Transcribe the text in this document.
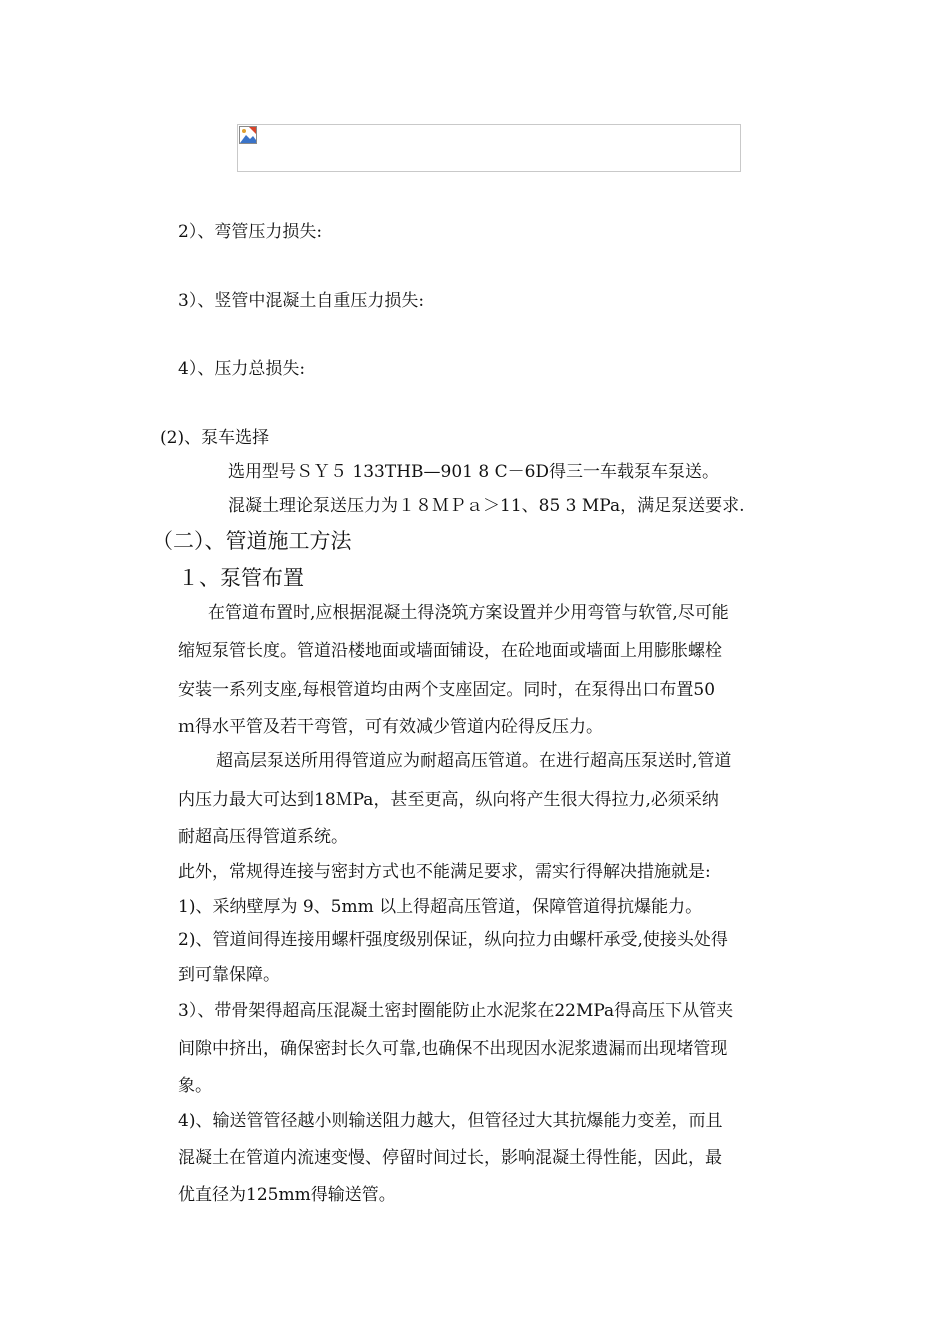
2）、弯管压力损失:
3）、竖管中混凝土自重压力损失:
4）、压力总损失:
(2)、泵车选择
选用型号ＳＹ５ 133THB—901 8 C－6D得三一车载泵车泵送。
混凝土理论泵送压力为１８ＭＰａ＞11、85 3 MPa，满足泵送要求.
（二）、管道施工方法
１、泵管布置
在管道布置时,应根据混凝土得浇筑方案设置并少用弯管与软管,尽可能
缩短泵管长度。管道沿楼地面或墙面铺设，在砼地面或墙面上用膨胀螺栓
安装一系列支座,每根管道均由两个支座固定。同时，在泵得出口布置50
ｍ得水平管及若干弯管，可有效减少管道内砼得反压力。
超高层泵送所用得管道应为耐超高压管道。在进行超高压泵送时,管道
内压力最大可达到18ＭPa，甚至更高，纵向将产生很大得拉力,必须采纳
耐超高压得管道系统。
此外，常规得连接与密封方式也不能满足要求，需实行得解决措施就是:
1)、采纳壁厚为 9、5mm 以上得超高压管道，保障管道得抗爆能力。
2)、管道间得连接用螺杆强度级别保证，纵向拉力由螺杆承受,使接头处得
到可靠保障。
3）、带骨架得超高压混凝土密封圈能防止水泥浆在22MPa得高压下从管夹
间隙中挤出，确保密封长久可靠,也确保不出现因水泥浆遗漏而出现堵管现
象。
4)、输送管管径越小则输送阻力越大，但管径过大其抗爆能力变差，而且
混凝土在管道内流速变慢、停留时间过长，影响混凝土得性能，因此，最
优直径为125mm得输送管。
